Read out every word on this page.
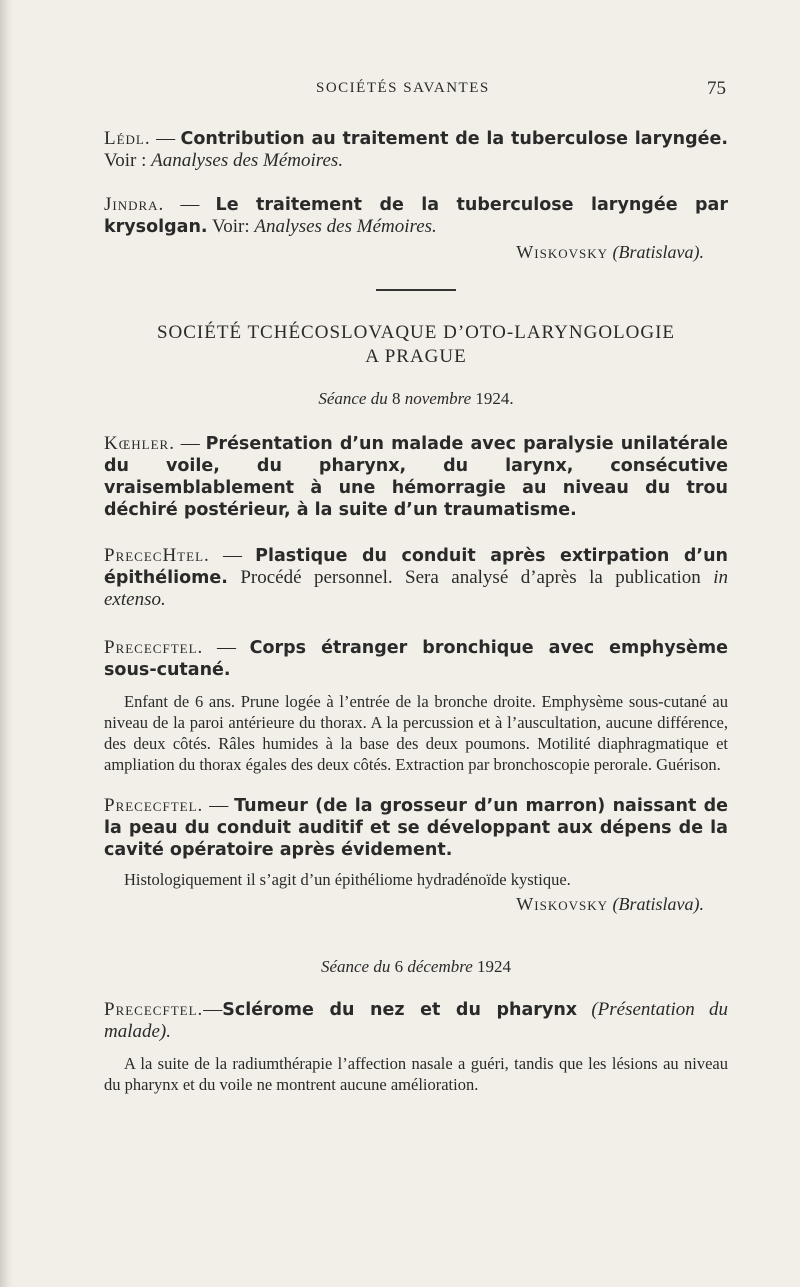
SOCIÉTÉS SAVANTES	75

Lédl. — Contribution au traitement de la tuberculose laryngée. Voir : Aanalyses des Mémoires.

Jindra. — Le traitement de la tuberculose laryngée par krysolgan. Voir: Analyses des Mémoires.

Wiskovsky (Bratislava).

SOCIÉTÉ TCHÉCOSLOVAQUE D’OTO-LARYNGOLOGIE

A PRAGUE

Séance du 8 novembre 1924.

Kœhler. — Présentation d’un malade avec paralysie unilatérale du voile, du pharynx, du larynx, consécutive vraisemblablement à une hémorragie au niveau du trou déchiré postérieur, à la suite d’un traumatisme.

PrececHtel. — Plastique du conduit après extirpation d’un épithéliome. Procédé personnel. Sera analysé d’après la publication in extenso.

Prececftel. — Corps étranger bronchique avec emphysème sous-cutané.

Enfant de 6 ans. Prune logée à l’entrée de la bronche droite. Emphysème sous-cutané au niveau de la paroi antérieure du thorax. A la percussion et à l’auscultation, aucune différence, des deux côtés. Râles humides à la base des deux poumons. Motilité diaphragmatique et ampliation du thorax égales des deux côtés. Extraction par bronchoscopie perorale. Guérison.

Prececftel. — Tumeur (de la grosseur d’un marron) naissant de la peau du conduit auditif et se développant aux dépens de la cavité opératoire après évidement.

Histologiquement il s’agit d’un épithéliome hydradénoïde kystique.

Wiskovsky (Bratislava).

Séance du 6 décembre 1924

Prececftel.—Sclérome du nez et du pharynx (Présentation du malade).

A la suite de la radiumthérapie l’affection nasale a guéri, tandis que les lésions au niveau du pharynx et du voile ne montrent aucune amélioration.
